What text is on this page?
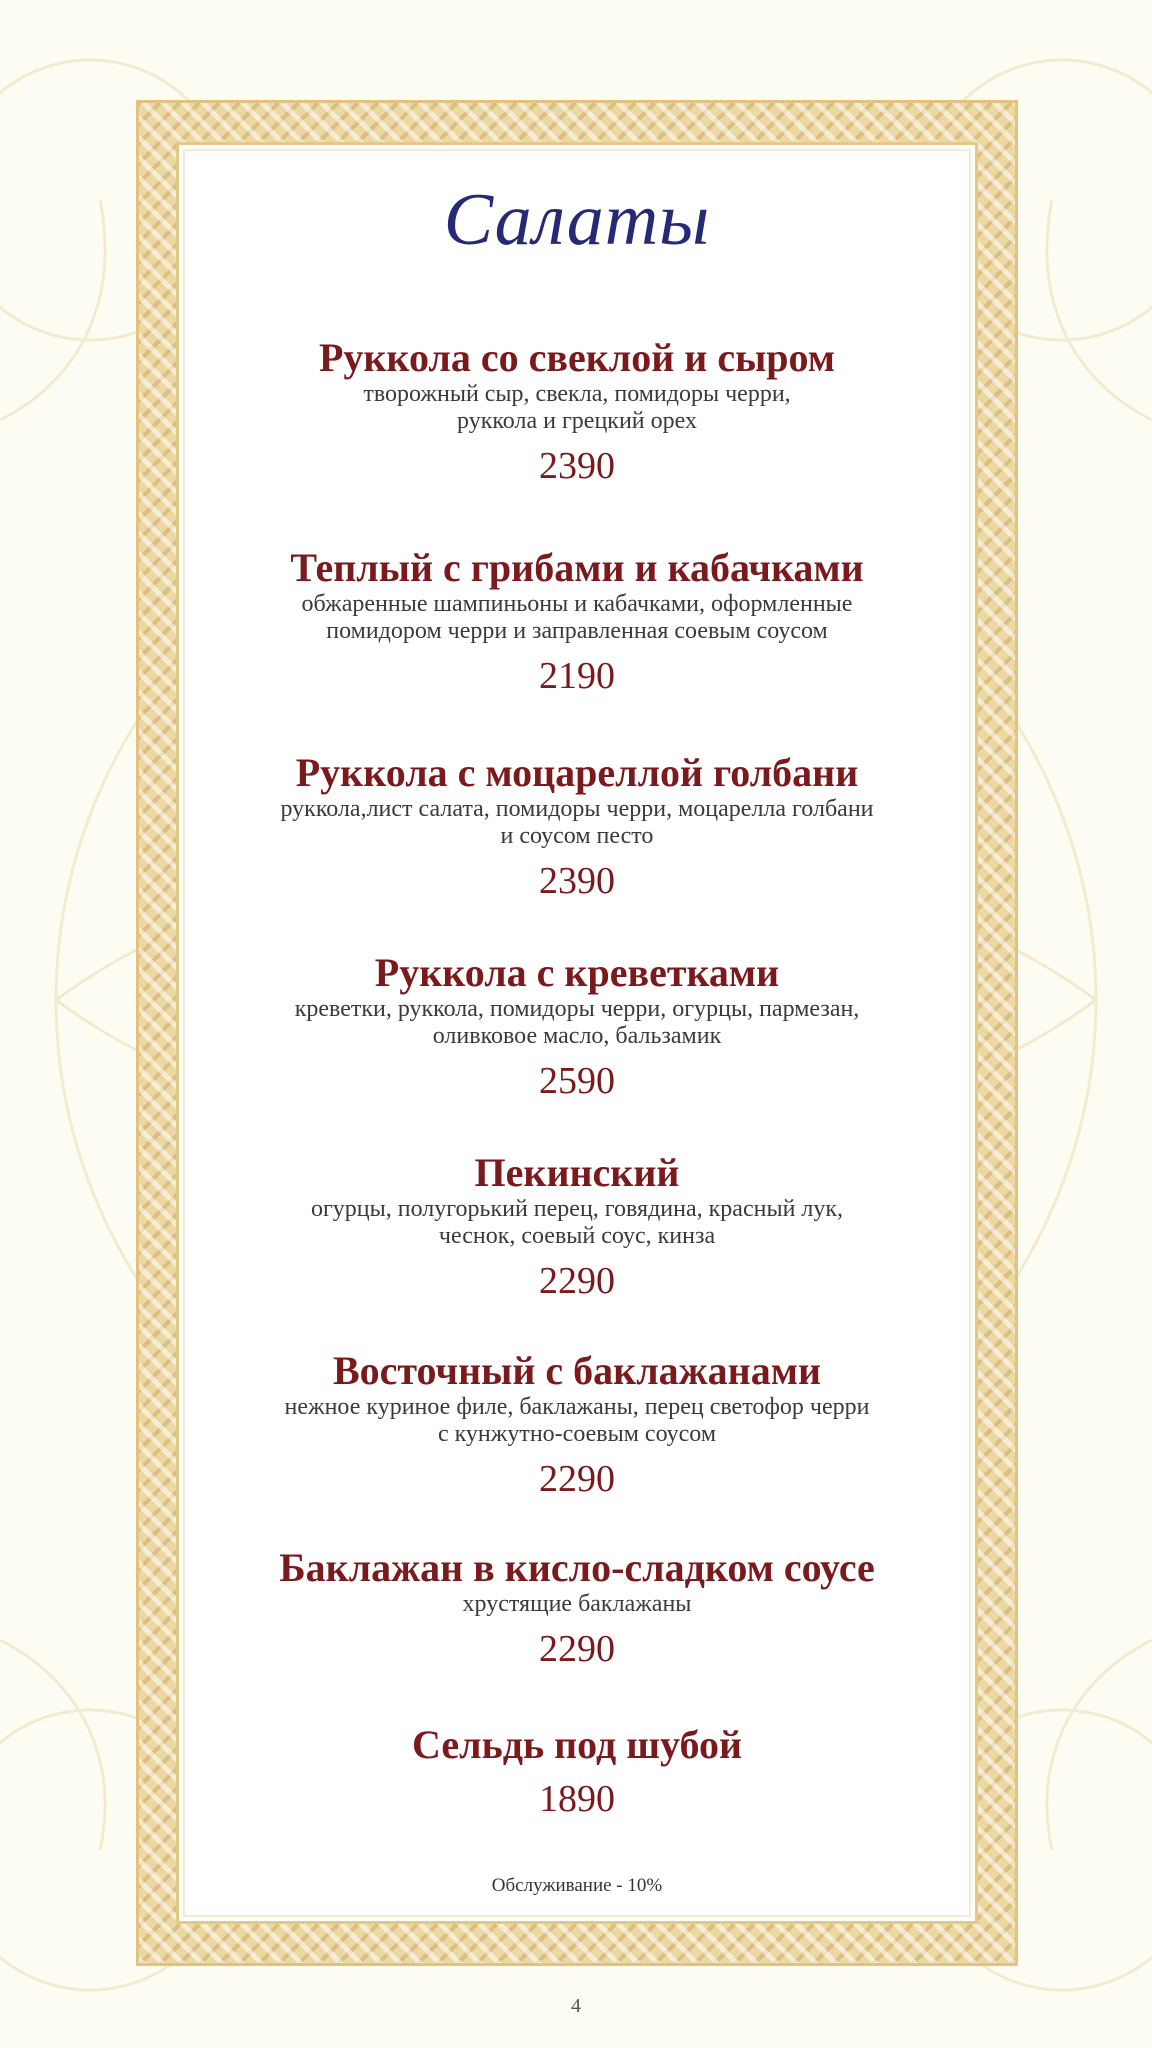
Салаты
Руккола со свеклой и сыром
творожный сыр, свекла, помидоры черри,
руккола и грецкий орех
2390
Теплый с грибами и кабачками
обжаренные шампиньоны и кабачками, оформленные
помидором черри и заправленная соевым соусом
2190
Руккола с моцареллой голбани
руккола,лист салата, помидоры черри, моцарелла голбани
и соусом песто
2390
Руккола с креветками
креветки, руккола, помидоры черри, огурцы, пармезан,
оливковое масло, бальзамик
2590
Пекинский
огурцы, полугорький перец, говядина, красный лук,
чеснок, соевый соус, кинза
2290
Восточный с баклажанами
нежное куриное филе, баклажаны, перец светофор черри
с кунжутно-соевым соусом
2290
Баклажан в кисло-сладком соусе
хрустящие баклажаны
2290
Сельдь под шубой
1890
Обслуживание - 10%
4
